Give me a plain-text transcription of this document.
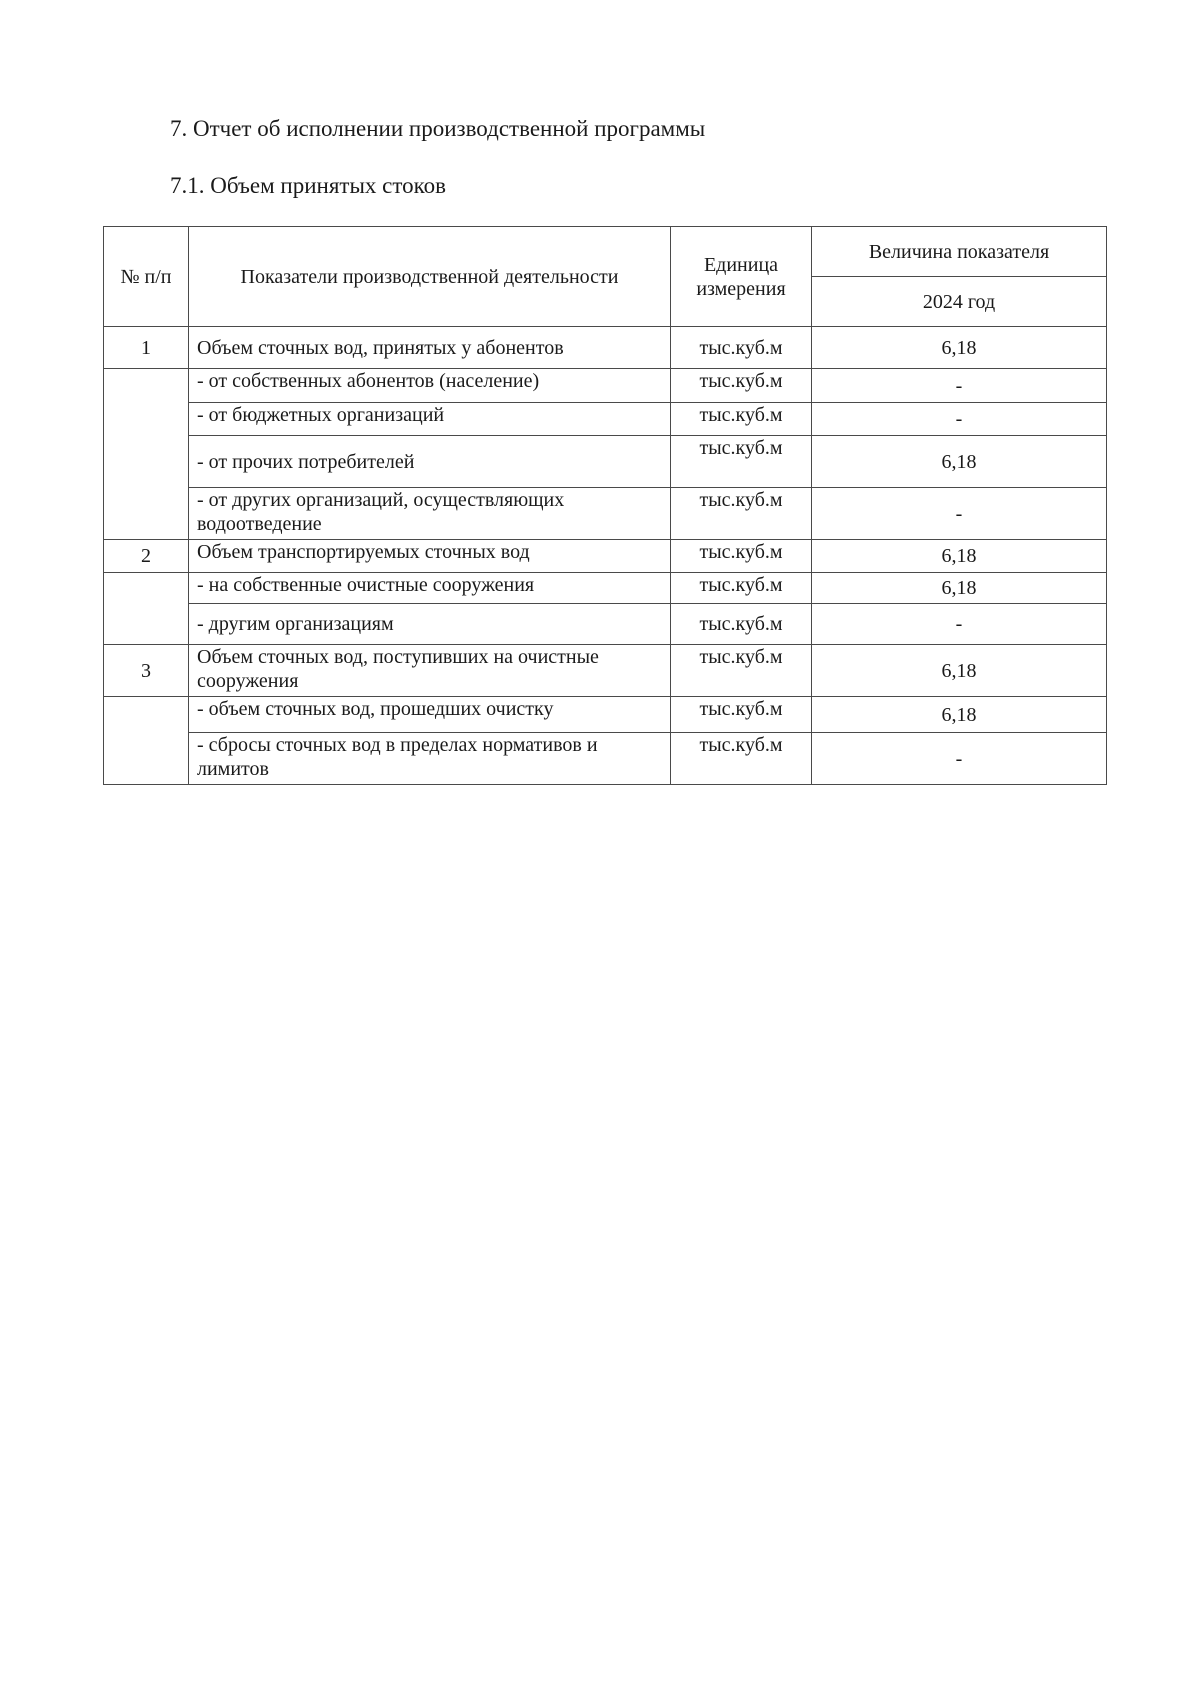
7. Отчет об исполнении производственной программы
7.1. Объем принятых стоков
№ п/п	Показатели производственной деятельности	Единица измерения	Величина показателя
			2024 год
1	Объем сточных вод, принятых у абонентов	тыс.куб.м	6,18
	- от собственных абонентов (население)	тыс.куб.м	-
	- от бюджетных организаций	тыс.куб.м	-
	- от прочих потребителей	тыс.куб.м	6,18
	- от других организаций, осуществляющих водоотведение	тыс.куб.м	-
2	Объем транспортируемых сточных вод	тыс.куб.м	6,18
	- на собственные очистные сооружения	тыс.куб.м	6,18
	- другим организациям	тыс.куб.м	-
3	Объем сточных вод, поступивших на очистные сооружения	тыс.куб.м	6,18
	- объем сточных вод, прошедших очистку	тыс.куб.м	6,18
	- сбросы сточных вод в пределах нормативов и лимитов	тыс.куб.м	-
